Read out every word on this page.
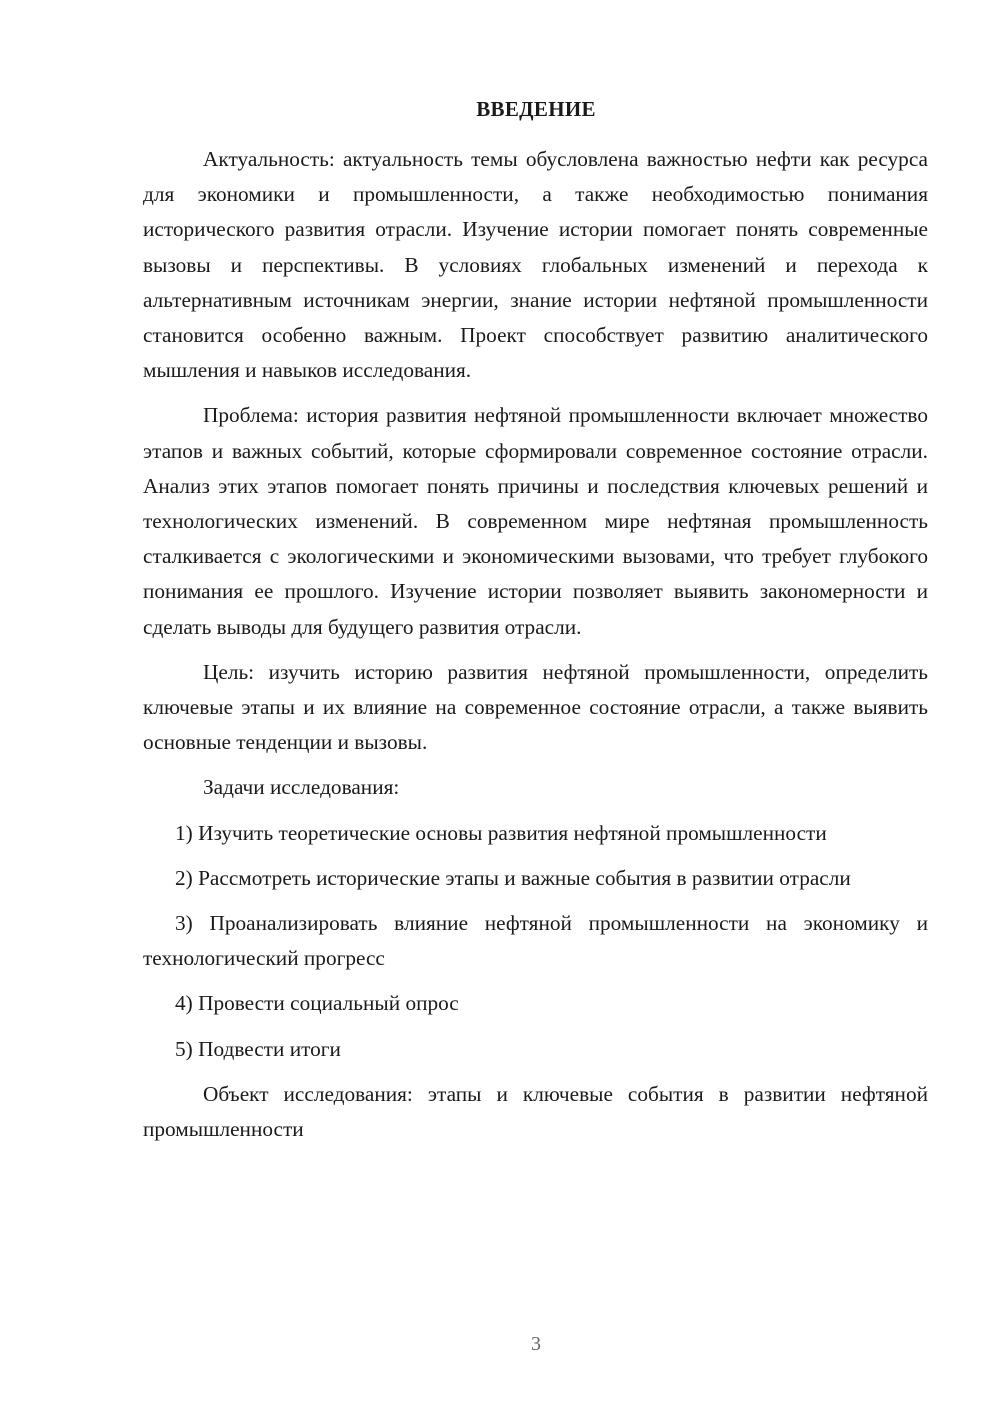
ВВЕДЕНИЕ

Актуальность: актуальность темы обусловлена важностью нефти как ресурса для экономики и промышленности, а также необходимостью понимания исторического развития отрасли. Изучение истории помогает понять современные вызовы и перспективы. В условиях глобальных изменений и перехода к альтернативным источникам энергии, знание истории нефтяной промышленности становится особенно важным. Проект способствует развитию аналитического мышления и навыков исследования.

Проблема: история развития нефтяной промышленности включает множество этапов и важных событий, которые сформировали современное состояние отрасли. Анализ этих этапов помогает понять причины и последствия ключевых решений и технологических изменений. В современном мире нефтяная промышленность сталкивается с экологическими и экономическими вызовами, что требует глубокого понимания ее прошлого. Изучение истории позволяет выявить закономерности и сделать выводы для будущего развития отрасли.

Цель: изучить историю развития нефтяной промышленности, определить ключевые этапы и их влияние на современное состояние отрасли, а также выявить основные тенденции и вызовы.

Задачи исследования:

1) Изучить теоретические основы развития нефтяной промышленности

2) Рассмотреть исторические этапы и важные события в развитии отрасли

3) Проанализировать влияние нефтяной промышленности на экономику и технологический прогресс

4) Провести социальный опрос

5) Подвести итоги

Объект исследования: этапы и ключевые события в развитии нефтяной промышленности

3
